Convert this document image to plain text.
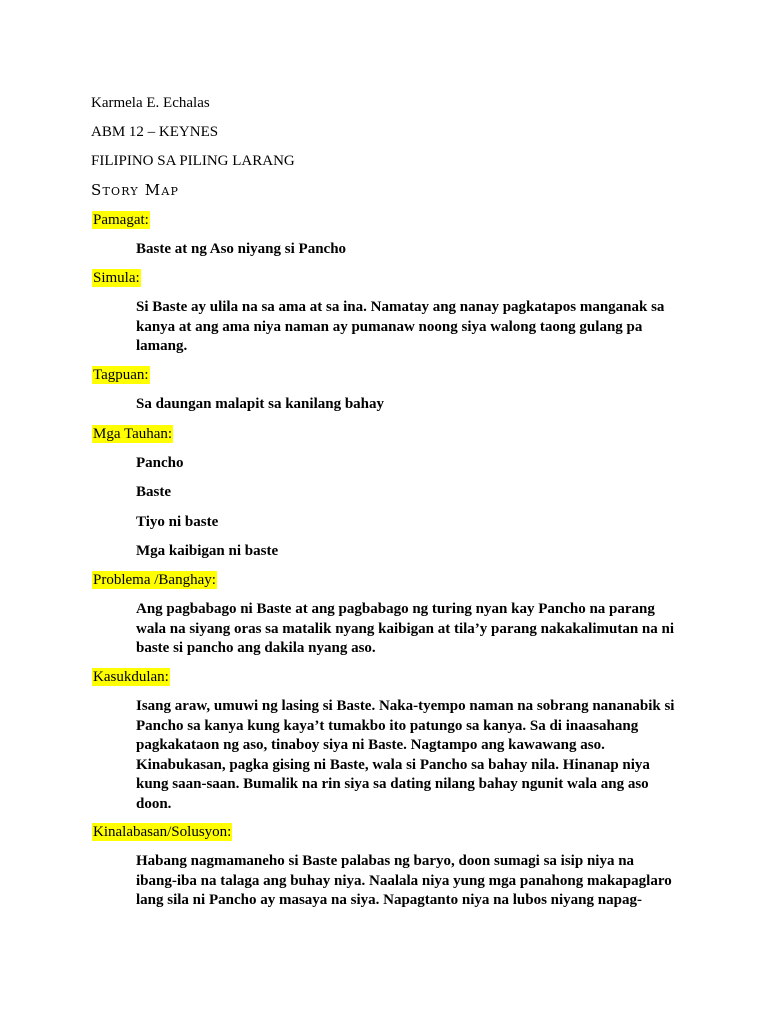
Karmela E. Echalas
ABM 12 – KEYNES
FILIPINO SA PILING LARANG
Story Map
Pamagat:
Baste at ng Aso niyang si Pancho
Simula:
Si Baste ay ulila na sa ama at sa ina. Namatay ang nanay pagkatapos manganak sa
kanya at ang ama niya naman ay pumanaw noong siya walong taong gulang pa
lamang.
Tagpuan:
Sa daungan malapit sa kanilang bahay
Mga Tauhan:
Pancho
Baste
Tiyo ni baste
Mga kaibigan ni baste
Problema /Banghay:
Ang pagbabago ni Baste at ang pagbabago ng turing nyan kay Pancho na parang
wala na siyang oras sa matalik nyang kaibigan at tila’y parang nakakalimutan na ni
baste si pancho ang dakila nyang aso.
Kasukdulan:
Isang araw, umuwi ng lasing si Baste. Naka-tyempo naman na sobrang nananabik si
Pancho sa kanya kung kaya’t tumakbo ito patungo sa kanya. Sa di inaasahang
pagkakataon ng aso, tinaboy siya ni Baste. Nagtampo ang kawawang aso.
Kinabukasan, pagka gising ni Baste, wala si Pancho sa bahay nila. Hinanap niya
kung saan-saan. Bumalik na rin siya sa dating nilang bahay ngunit wala ang aso
doon.
Kinalabasan/Solusyon:
Habang nagmamaneho si Baste palabas ng baryo, doon sumagi sa isip niya na
ibang-iba na talaga ang buhay niya. Naalala niya yung mga panahong makapaglaro
lang sila ni Pancho ay masaya na siya. Napagtanto niya na lubos niyang napag-
